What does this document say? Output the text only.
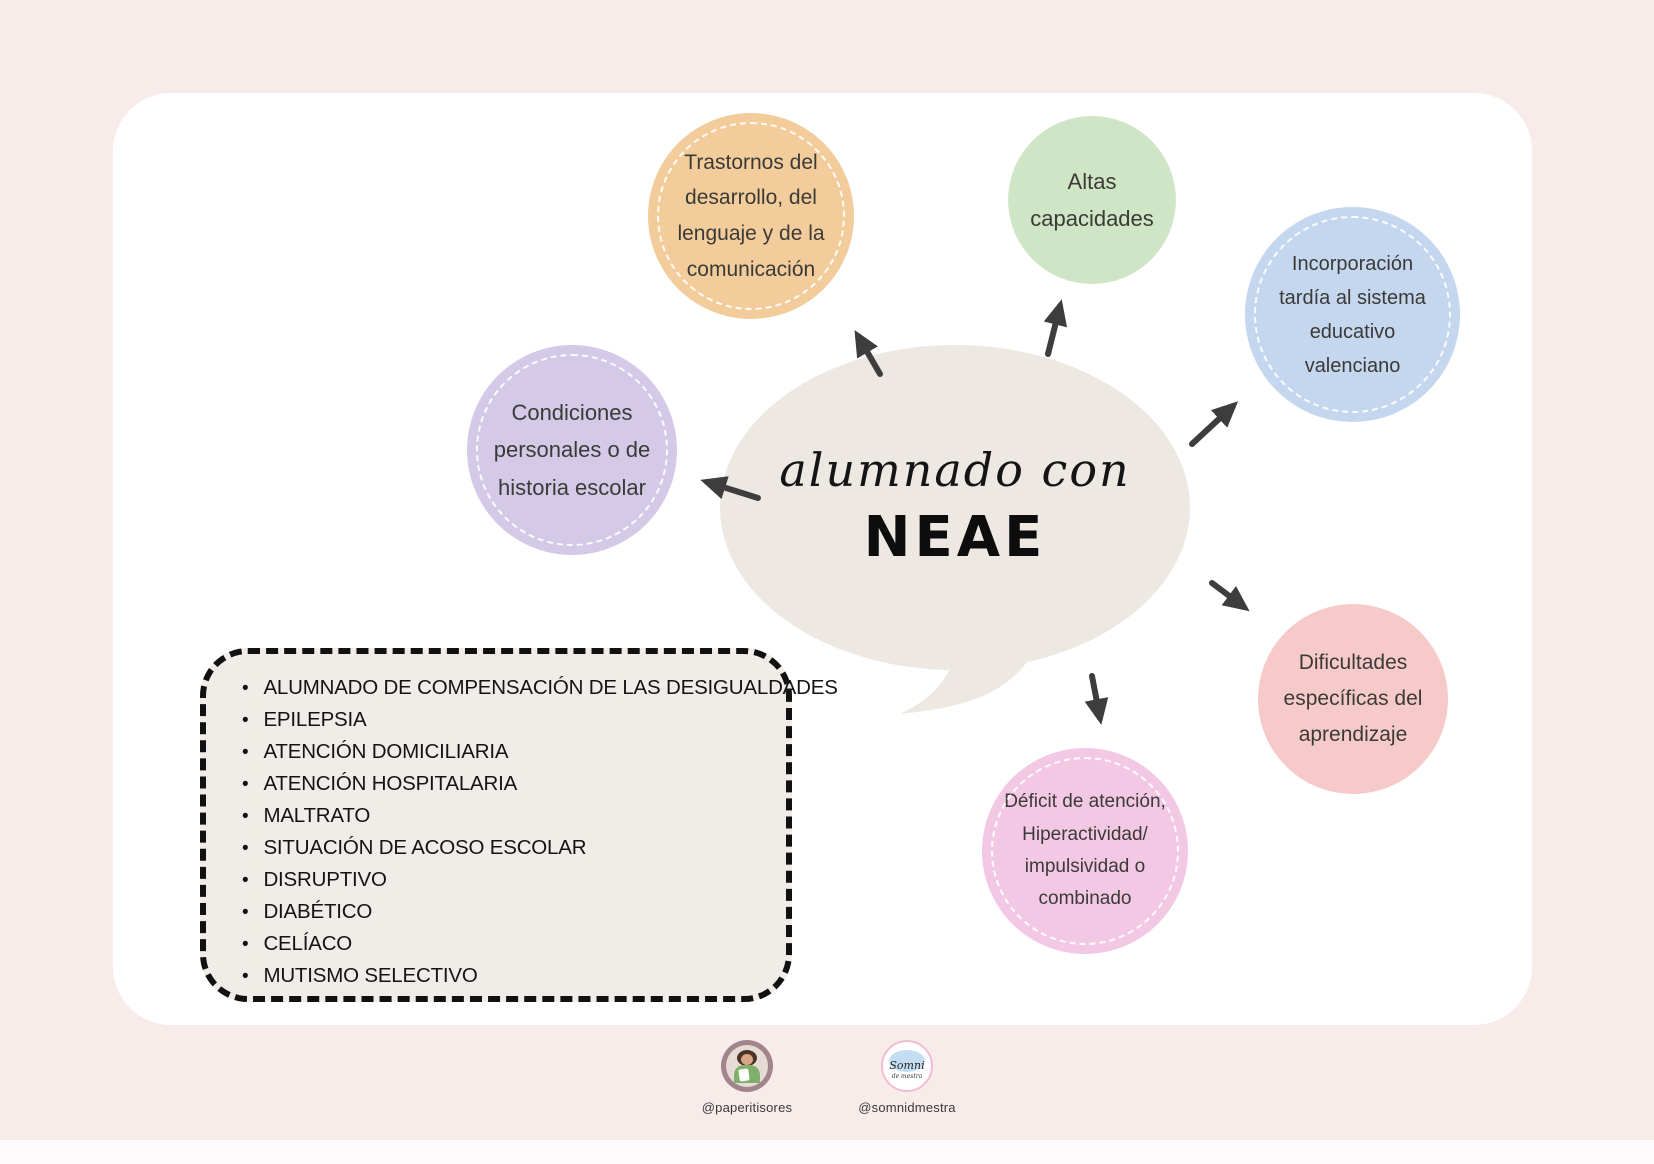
alumnado con
NEAE
Trastornos del desarrollo, del lenguaje y de la comunicación
Altas capacidades
Incorporación tardía al sistema educativo valenciano
Condiciones personales o de historia escolar
Dificultades específicas del aprendizaje
Déficit de atención, Hiperactividad/ impulsividad o combinado
• ALUMNADO DE COMPENSACIÓN DE LAS DESIGUALDADES
• EPILEPSIA
• ATENCIÓN DOMICILIARIA
• ATENCIÓN HOSPITALARIA
• MALTRATO
• SITUACIÓN DE ACOSO ESCOLAR
• DISRUPTIVO
• DIABÉTICO
• CELÍACO
• MUTISMO SELECTIVO
@paperitisores
Somni
de mestra
@somnidmestra
